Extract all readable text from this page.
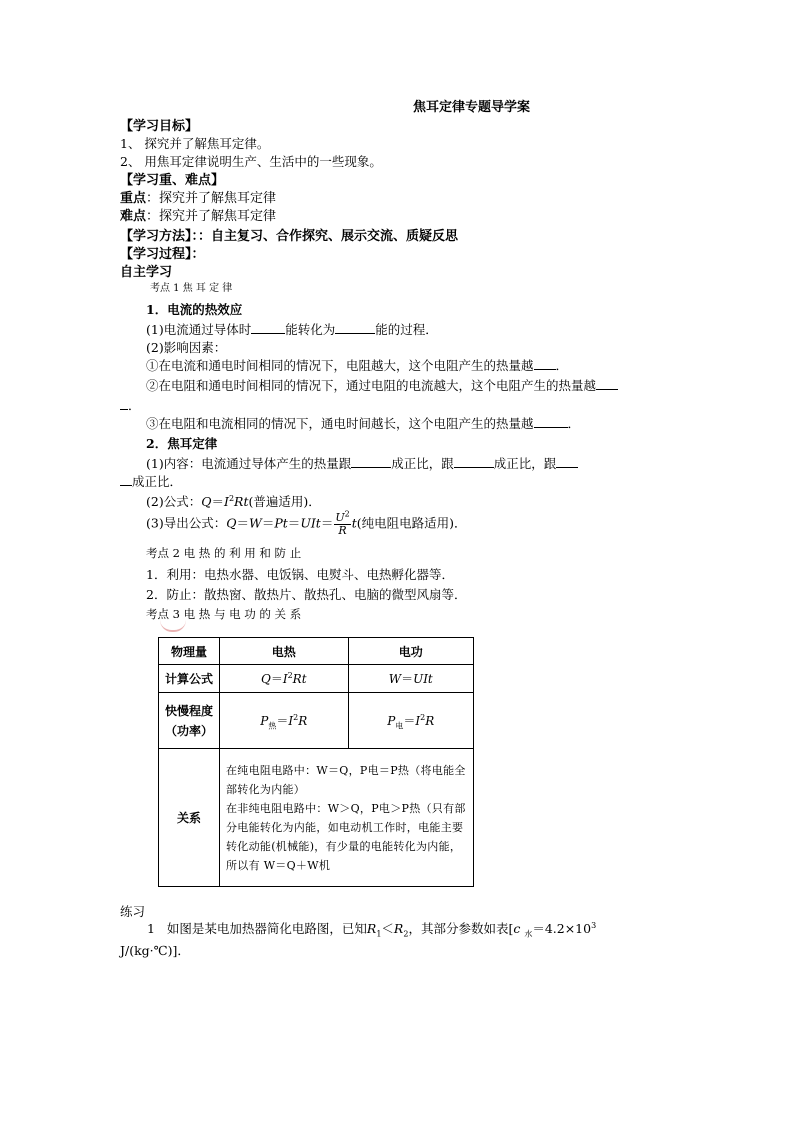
焦耳定律专题导学案
【学习目标】
1、 探究并了解焦耳定律。
2、 用焦耳定律说明生产、生活中的一些现象。
【学习重、难点】
重点：探究并了解焦耳定律
难点：探究并了解焦耳定律
【学习方法】：：自主复习、合作探究、展示交流、质疑反思
【学习过程】：
自主学习
考点 1 焦 耳 定 律
1．电流的热效应
(1)电流通过导体时	能转化为	能的过程．
(2)影响因素：
①在电流和通电时间相同的情况下，电阻越大，这个电阻产生的热量越 ．
②在电阻和通电时间相同的情况下，通过电阻的电流越大，这个电阻产生的热量越
．
③在电阻和电流相同的情况下，通电时间越长，这个电阻产生的热量越	．
2．焦耳定律
(1)内容：电流通过导体产生的热量跟	成正比，跟	成正比，跟
成正比．
(2)公式：$Q=I^2Rt$(普遍适用)．
(3)导出公式：$Q=W=Pt=UIt= \frac{U^2}{R} t$(纯电阻电路适用)．
考点 2 电 热 的 利 用 和 防 止
1．利用：电热水器、电饭锅、电熨斗、电热孵化器等．
2．防止：散热窗、散热片、散热孔、电脑的微型风扇等．
考点 3 电 热 与 电 功 的 关 系
物理量	电热	电功
计算公式	$Q=I^2Rt$	W＝UIt
快慢程度
（功率）	$P_热=I^2R$	$P_电=I^2R$
关系	在纯电阻电路中：W＝Q，P电＝P热（将电能全部转化为内能）
在非纯电阻电路中：W＞Q，P电＞P热（只有部分电能转化为内能，如电动机工作时，电能主要转化动能(机械能)，有少量的电能转化为内能，所以有 W＝Q＋W机	
练习
1 如图是某电加热器简化电路图，已知$R_1<R_2$，其部分参数如表[c $_水=4.2\times 10^3$
J/(kg·℃)]．
